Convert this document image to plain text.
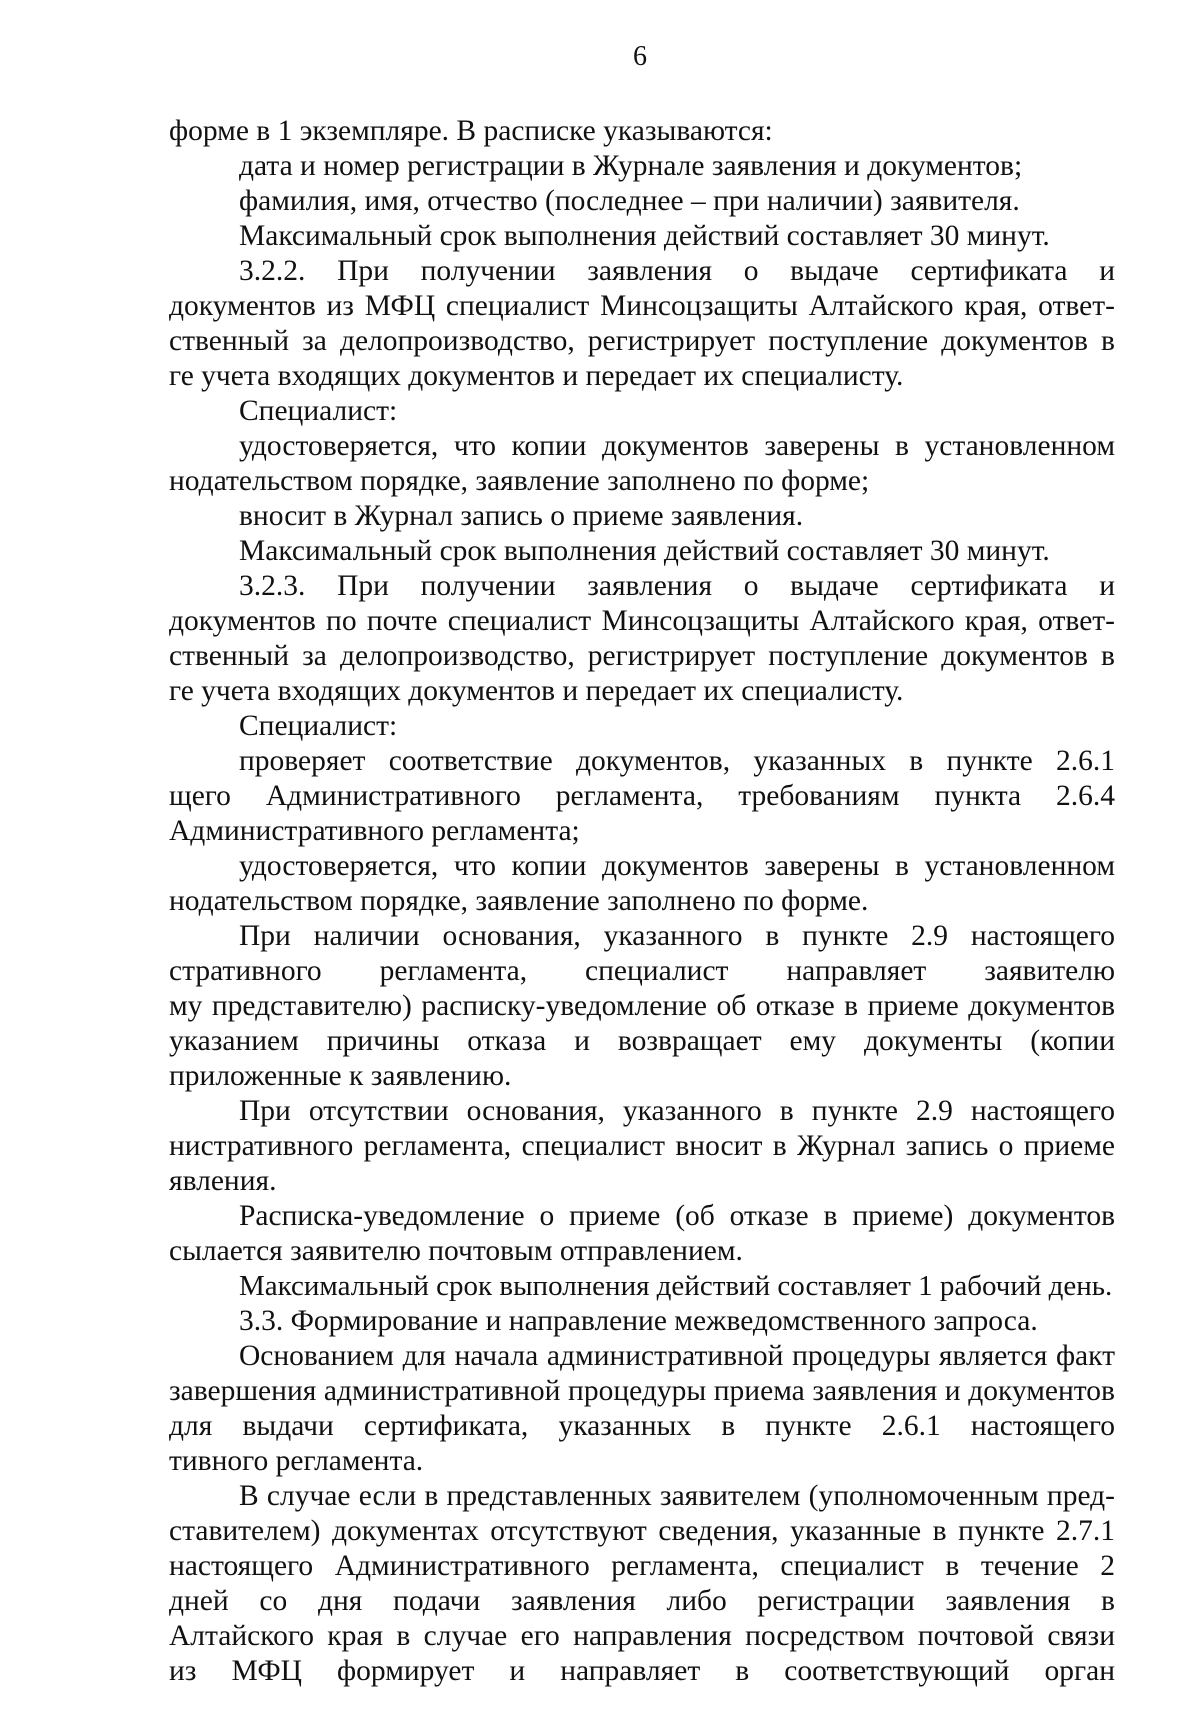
6
форме в 1 экземпляре. В расписке указываются:
дата и номер регистрации в Журнале заявления и документов;
фамилия, имя, отчество (последнее – при наличии) заявителя.
Максимальный срок выполнения действий составляет 30 минут.
3.2.2. При получении заявления о выдаче сертификата и
документов из МФЦ специалист Минсоцзащиты Алтайского края, ответ-
ственный за делопроизводство, регистрирует поступление документов в
ге учета входящих документов и передает их специалисту.
Специалист:
удостоверяется, что копии документов заверены в установленном
нодательством порядке, заявление заполнено по форме;
вносит в Журнал запись о приеме заявления.
Максимальный срок выполнения действий составляет 30 минут.
3.2.3. При получении заявления о выдаче сертификата и
документов по почте специалист Минсоцзащиты Алтайского края, ответ-
ственный за делопроизводство, регистрирует поступление документов в
ге учета входящих документов и передает их специалисту.
Специалист:
проверяет соответствие документов, указанных в пункте 2.6.1
щего Административного регламента, требованиям пункта 2.6.4
Административного регламента;
удостоверяется, что копии документов заверены в установленном
нодательством порядке, заявление заполнено по форме.
При наличии основания, указанного в пункте 2.9 настоящего
стративного регламента, специалист направляет заявителю
му представителю) расписку-уведомление об отказе в приеме документов
указанием причины отказа и возвращает ему документы (копии
приложенные к заявлению.
При отсутствии основания, указанного в пункте 2.9 настоящего
нистративного регламента, специалист вносит в Журнал запись о приеме
явления.
Расписка-уведомление о приеме (об отказе в приеме) документов
сылается заявителю почтовым отправлением.
Максимальный срок выполнения действий составляет 1 рабочий день.
3.3. Формирование и направление межведомственного запроса.
Основанием для начала административной процедуры является факт
завершения административной процедуры приема заявления и документов
для выдачи сертификата, указанных в пункте 2.6.1 настоящего
тивного регламента.
В случае если в представленных заявителем (уполномоченным пред-
ставителем) документах отсутствуют сведения, указанные в пункте 2.7.1
настоящего Административного регламента, специалист в течение 2
дней со дня подачи заявления либо регистрации заявления в
Алтайского края в случае его направления посредством почтовой связи
из МФЦ формирует и направляет в соответствующий орган
